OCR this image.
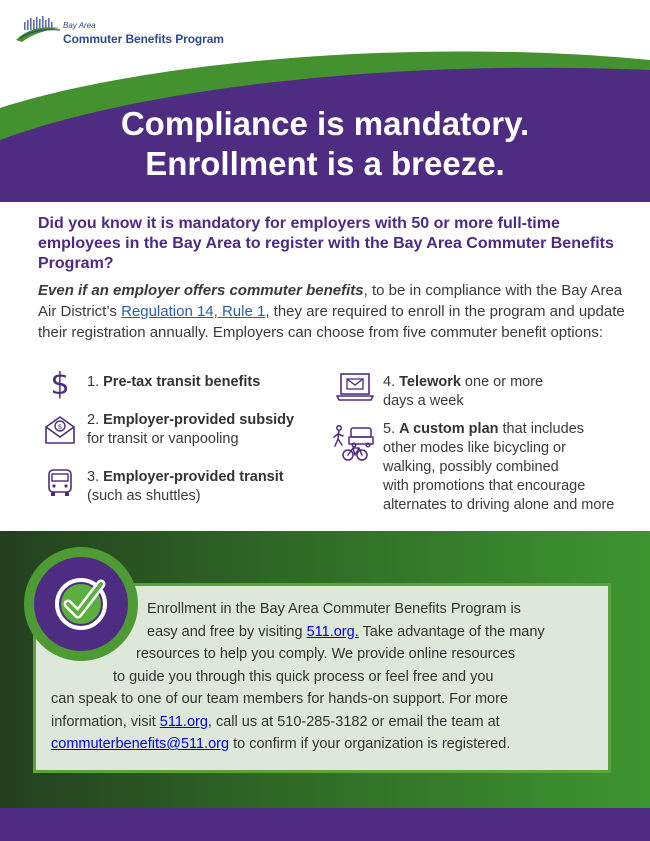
Bay Area
Commuter Benefits Program
Compliance is mandatory.
Enrollment is a breeze.
Did you know it is mandatory for employers with 50 or more full-time employees in the Bay Area to register with the Bay Area Commuter Benefits Program?

Even if an employer offers commuter benefits, to be in compliance with the Bay Area Air District’s Regulation 14, Rule 1, they are required to enroll in the program and update their registration annually. Employers can choose from five commuter benefit options:

$ 1. Pre-tax transit benefits
$ 2. Employer-provided subsidy
for transit or vanpooling
3. Employer-provided transit
(such as shuttles)
4. Telework one or more
days a week
5. A custom plan that includes
other modes like bicycling or
walking, possibly combined
with promotions that encourage
alternates to driving alone and more
Enrollment in the Bay Area Commuter Benefits Program is
easy and free by visiting 511.org. Take advantage of the many
resources to help you comply. We provide online resources
to guide you through this quick process or feel free and you
can speak to one of our team members for hands-on support. For more
information, visit 511.org, call us at 510-285-3182 or email the team at
commuterbenefits@511.org to confirm if your organization is registered.
